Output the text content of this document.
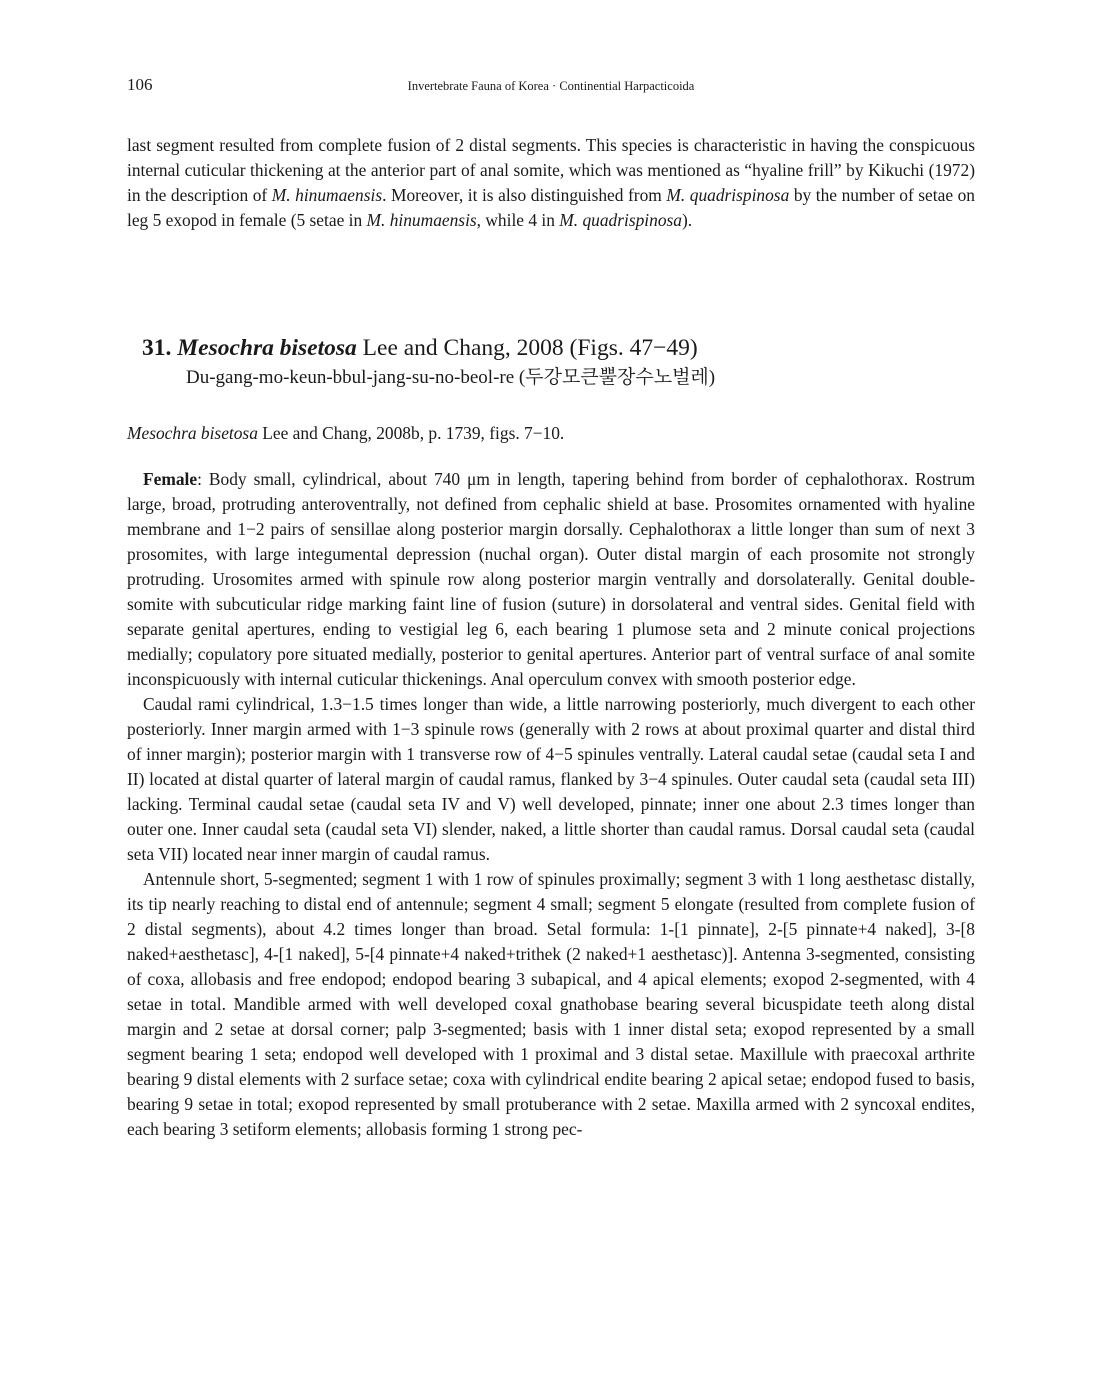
106	Invertebrate Fauna of Korea · Continential Harpacticoida
last segment resulted from complete fusion of 2 distal segments. This species is characteristic in having the conspicuous internal cuticular thickening at the anterior part of anal somite, which was mentioned as “hyaline frill” by Kikuchi (1972) in the description of M. hinumaensis. Moreover, it is also distinguished from M. quadrispinosa by the number of setae on leg 5 exopod in female (5 setae in M. hinumaensis, while 4 in M. quadrispinosa).
31. Mesochra bisetosa Lee and Chang, 2008 (Figs. 47−49)
Du-gang-mo-keun-bbul-jang-su-no-beol-re (두강모큰뿔장수노벌레)
Mesochra bisetosa Lee and Chang, 2008b, p. 1739, figs. 7−10.

Female: Body small, cylindrical, about 740 μm in length, tapering behind from border of cephalothorax. Rostrum large, broad, protruding anteroventrally, not defined from cephalic shield at base. Prosomites ornamented with hyaline membrane and 1−2 pairs of sensillae along posterior margin dorsally. Cephalothorax a little longer than sum of next 3 prosomites, with large integumental depression (nuchal organ). Outer distal margin of each prosomite not strongly protruding. Urosomites armed with spinule row along posterior margin ventrally and dorsolaterally. Genital double-somite with subcuticular ridge marking faint line of fusion (suture) in dorsolateral and ventral sides. Genital field with separate genital apertures, ending to vestigial leg 6, each bearing 1 plumose seta and 2 minute conical projections medially; copulatory pore situated medially, posterior to genital apertures. Anterior part of ventral surface of anal somite inconspicuously with internal cuticular thickenings. Anal operculum convex with smooth posterior edge.

Caudal rami cylindrical, 1.3−1.5 times longer than wide, a little narrowing posteriorly, much divergent to each other posteriorly. Inner margin armed with 1−3 spinule rows (generally with 2 rows at about proximal quarter and distal third of inner margin); posterior margin with 1 transverse row of 4−5 spinules ventrally. Lateral caudal setae (caudal seta I and II) located at distal quarter of lateral margin of caudal ramus, flanked by 3−4 spinules. Outer caudal seta (caudal seta III) lacking. Terminal caudal setae (caudal seta IV and V) well developed, pinnate; inner one about 2.3 times longer than outer one. Inner caudal seta (caudal seta VI) slender, naked, a little shorter than caudal ramus. Dorsal caudal seta (caudal seta VII) located near inner margin of caudal ramus.

Antennule short, 5-segmented; segment 1 with 1 row of spinules proximally; segment 3 with 1 long aesthetasc distally, its tip nearly reaching to distal end of antennule; segment 4 small; segment 5 elongate (resulted from complete fusion of 2 distal segments), about 4.2 times longer than broad. Setal formula: 1-[1 pinnate], 2-[5 pinnate+4 naked], 3-[8 naked+aesthetasc], 4-[1 naked], 5-[4 pinnate+4 naked+trithek (2 naked+1 aesthetasc)]. Antenna 3-segmented, consisting of coxa, allobasis and free endopod; endopod bearing 3 subapical, and 4 apical elements; exopod 2-segmented, with 4 setae in total. Mandible armed with well developed coxal gnathobase bearing several bicuspidate teeth along distal margin and 2 setae at dorsal corner; palp 3-segmented; basis with 1 inner distal seta; exopod represented by a small segment bearing 1 seta; endopod well developed with 1 proximal and 3 distal setae. Maxillule with praecoxal arthrite bearing 9 distal elements with 2 surface setae; coxa with cylindrical endite bearing 2 apical setae; endopod fused to basis, bearing 9 setae in total; exopod represented by small protuberance with 2 setae. Maxilla armed with 2 syncoxal endites, each bearing 3 setiform elements; allobasis forming 1 strong pec-
